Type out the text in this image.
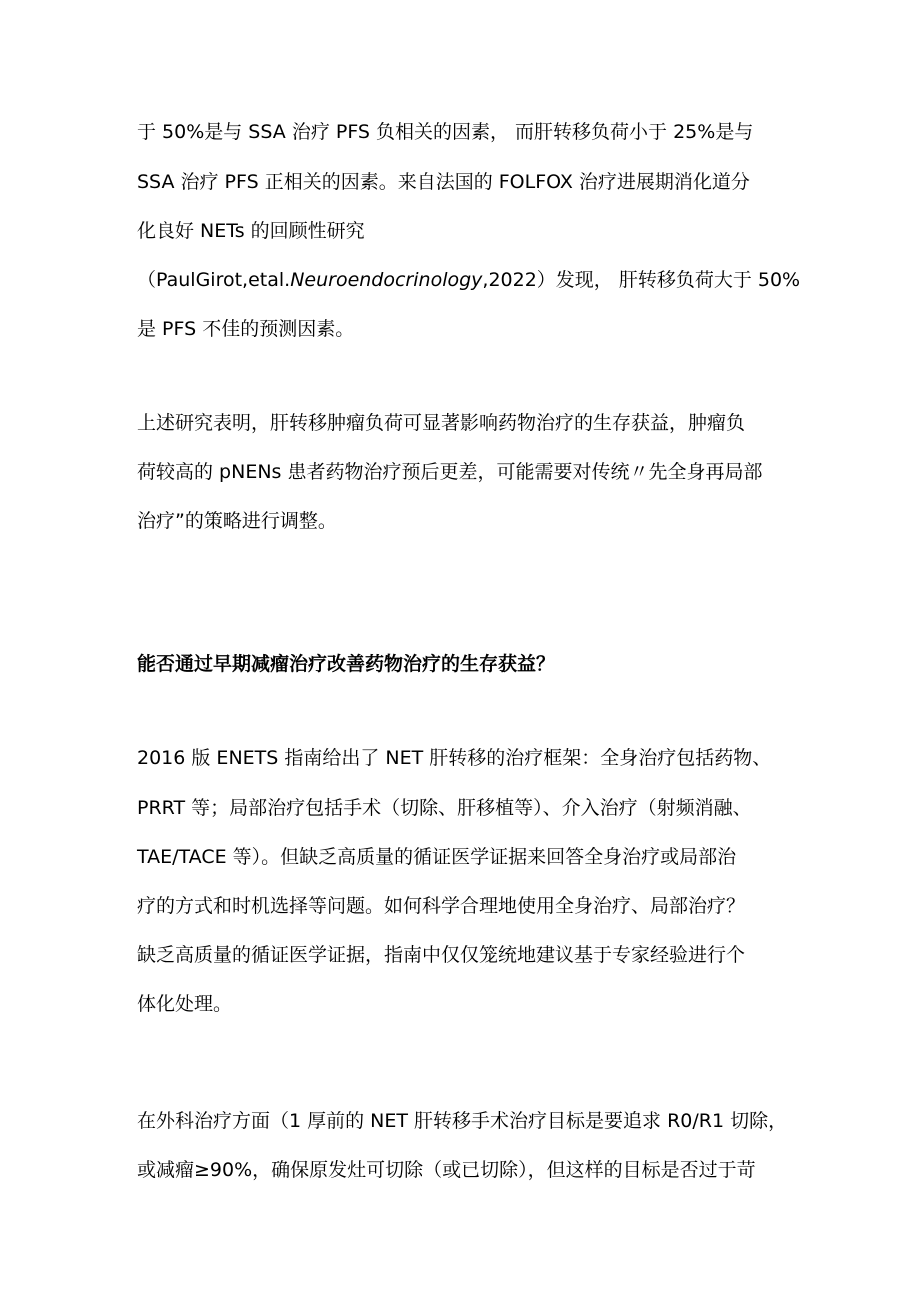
于 50%是与 SSA 治疗 PFS 负相关的因素， 而肝转移负荷小于 25%是与
SSA 治疗 PFS 正相关的因素。来自法国的 FOLFOX 治疗进展期消化道分
化良好 NETs 的回顾性研究
（PaulGirot,etal.Neuroendocrinology,2022）发现， 肝转移负荷大于 50%
是 PFS 不佳的预测因素。
上述研究表明，肝转移肿瘤负荷可显著影响药物治疗的生存获益，肿瘤负
荷较高的 pNENs 患者药物治疗预后更差，可能需要对传统〃先全身再局部
治疗”的策略进行调整。
能否通过早期减瘤治疗改善药物治疗的生存获益？
2016 版 ENETS 指南给出了 NET 肝转移的治疗框架：全身治疗包括药物、
PRRT 等；局部治疗包括手术（切除、肝移植等）、介入治疗（射频消融、
TAE/TACE 等）。但缺乏高质量的循证医学证据来回答全身治疗或局部治
疗的方式和时机选择等问题。如何科学合理地使用全身治疗、局部治疗？
缺乏高质量的循证医学证据，指南中仅仅笼统地建议基于专家经验进行个
体化处理。
在外科治疗方面（1 厚前的 NET 肝转移手术治疗目标是要追求 R0/R1 切除，
或减瘤≥90%，确保原发灶可切除（或已切除），但这样的目标是否过于苛
